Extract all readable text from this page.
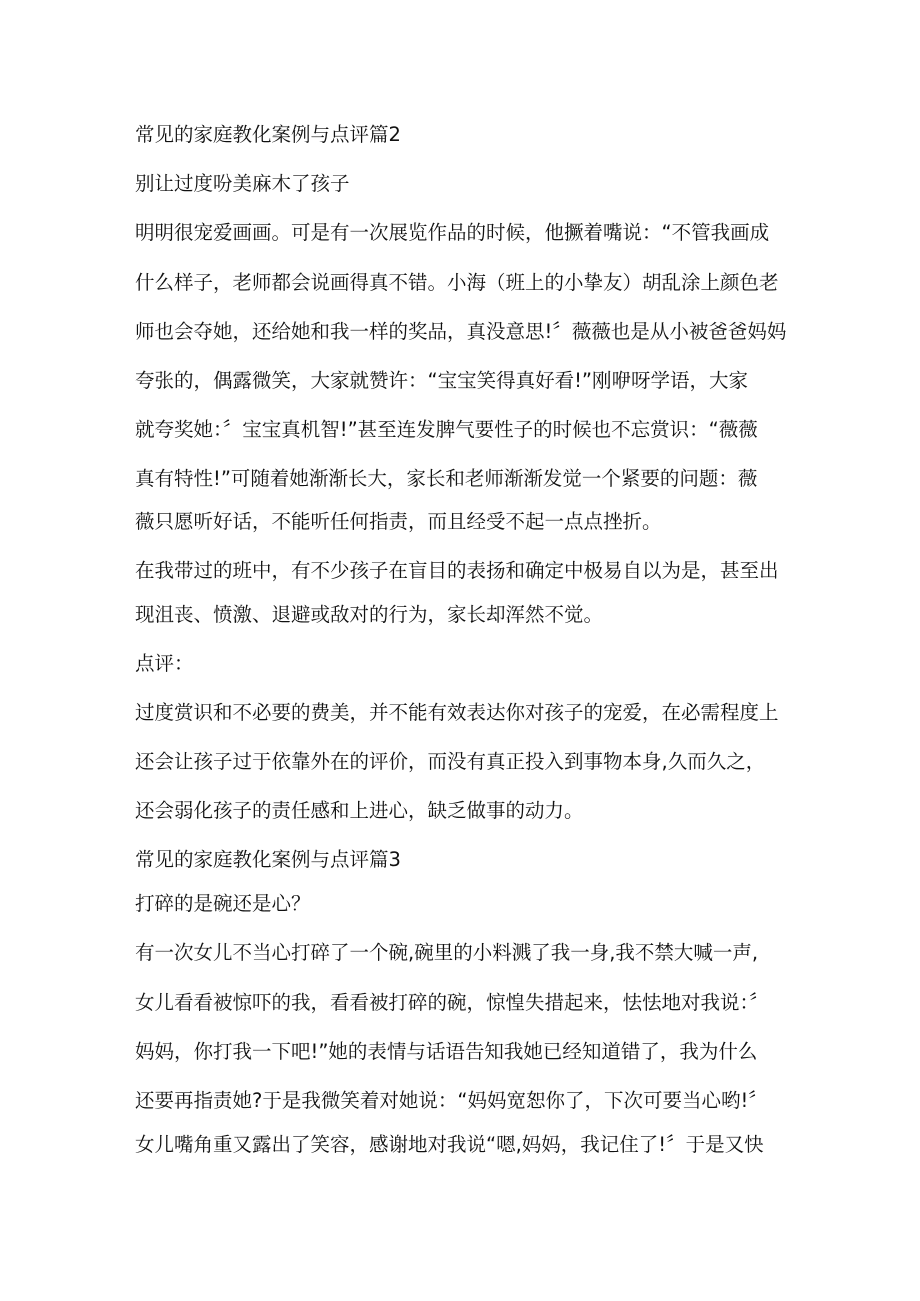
常见的家庭教化案例与点评篇2

别让过度吩美麻木了孩子

明明很宠爱画画。可是有一次展览作品的时候，他撅着嘴说：“不管我画成

什么样子，老师都会说画得真不错。小海（班上的小挚友）胡乱涂上颜色老

师也会夺她，还给她和我一样的奖品，真没意思!〞薇薇也是从小被爸爸妈妈

夸张的，偶露微笑，大家就赞许：“宝宝笑得真好看!”刚咿呀学语，大家

就夸奖她：〞宝宝真机智!”甚至连发脾气要性子的时候也不忘赏识：“薇薇

真有特性!”可随着她渐渐长大，家长和老师渐渐发觉一个紧要的问题：薇

薇只愿听好话，不能听任何指责，而且经受不起一点点挫折。

在我带过的班中，有不少孩子在盲目的表扬和确定中极易自以为是，甚至出

现沮丧、愤激、退避或敌对的行为，家长却浑然不觉。

点评：

过度赏识和不必要的费美，并不能有效表达你对孩子的宠爱，在必需程度上

还会让孩子过于依靠外在的评价，而没有真正投入到事物本身,久而久之，

还会弱化孩子的责任感和上进心，缺乏做事的动力。

常见的家庭教化案例与点评篇3

打碎的是碗还是心？

有一次女儿不当心打碎了一个碗,碗里的小料溅了我一身,我不禁大喊一声,

女儿看看被惊吓的我，看看被打碎的碗，惊惶失措起来，怯怯地对我说：〞

妈妈，你打我一下吧!”她的表情与话语告知我她已经知道错了，我为什么

还要再指责她?于是我微笑着对她说：“妈妈宽恕你了，下次可要当心哟!〞

女儿嘴角重又露出了笑容，感谢地对我说“嗯,妈妈，我记住了!〞于是又快
